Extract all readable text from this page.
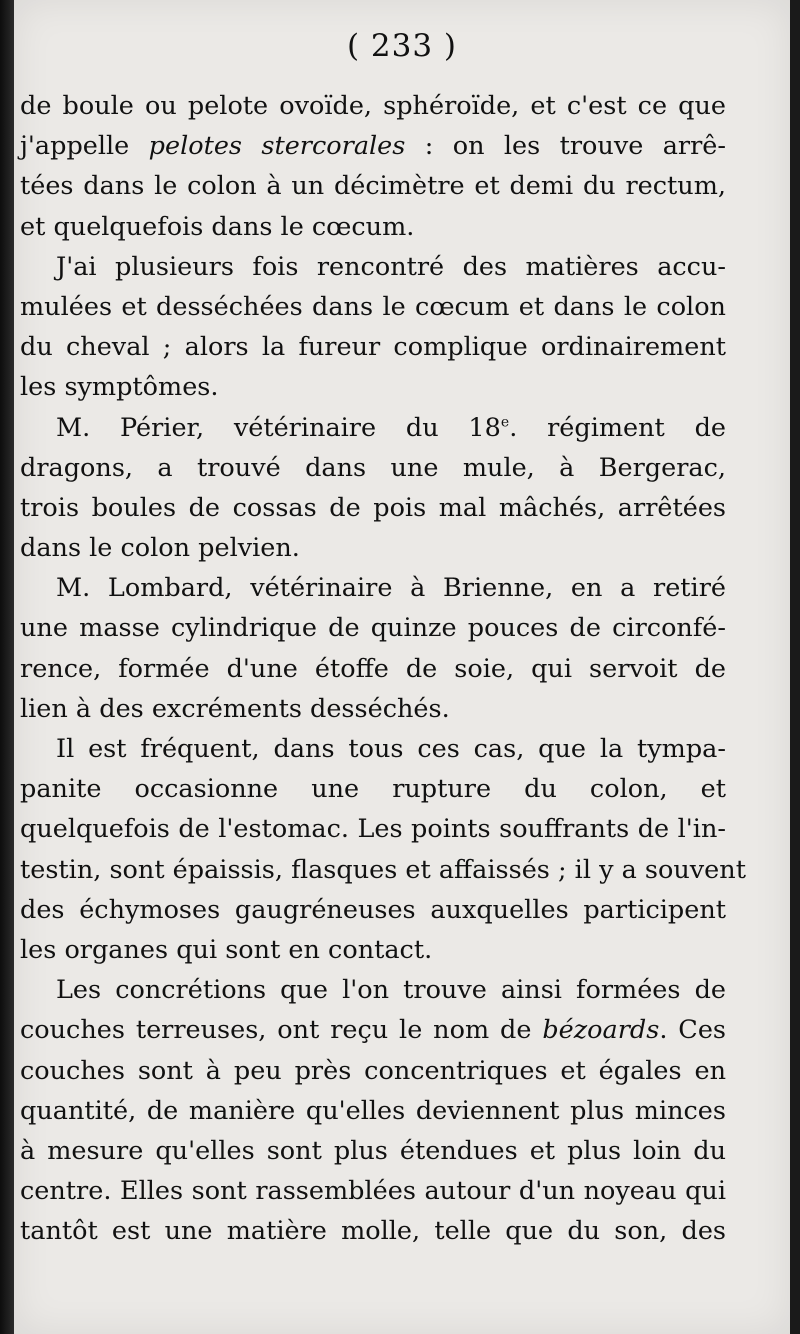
( 233 )
de boule ou pelote ovoïde, sphéroïde, et c'est ce que
j'appelle pelotes stercorales : on les trouve arrê-
tées dans le colon à un décimètre et demi du rectum,
et quelquefois dans le cœcum.
J'ai plusieurs fois rencontré des matières accu-
mulées et desséchées dans le cœcum et dans le colon
du cheval ; alors la fureur complique ordinairement
les symptômes.
M. Périer, vétérinaire du 18e. régiment de
dragons, a trouvé dans une mule, à Bergerac,
trois boules de cossas de pois mal mâchés, arrêtées
dans le colon pelvien.
M. Lombard, vétérinaire à Brienne, en a retiré
une masse cylindrique de quinze pouces de circonfé-
rence, formée d'une étoffe de soie, qui servoit de
lien à des excréments desséchés.
Il est fréquent, dans tous ces cas, que la tympa-
panite occasionne une rupture du colon, et
quelquefois de l'estomac. Les points souffrants de l'in-
testin, sont épaissis, flasques et affaissés ; il y a souvent
des échymoses gaugréneuses auxquelles participent
les organes qui sont en contact.
Les concrétions que l'on trouve ainsi formées de
couches terreuses, ont reçu le nom de bézoards. Ces
couches sont à peu près concentriques et égales en
quantité, de manière qu'elles deviennent plus minces
à mesure qu'elles sont plus étendues et plus loin du
centre. Elles sont rassemblées autour d'un noyeau qui
tantôt est une matière molle, telle que du son, des
